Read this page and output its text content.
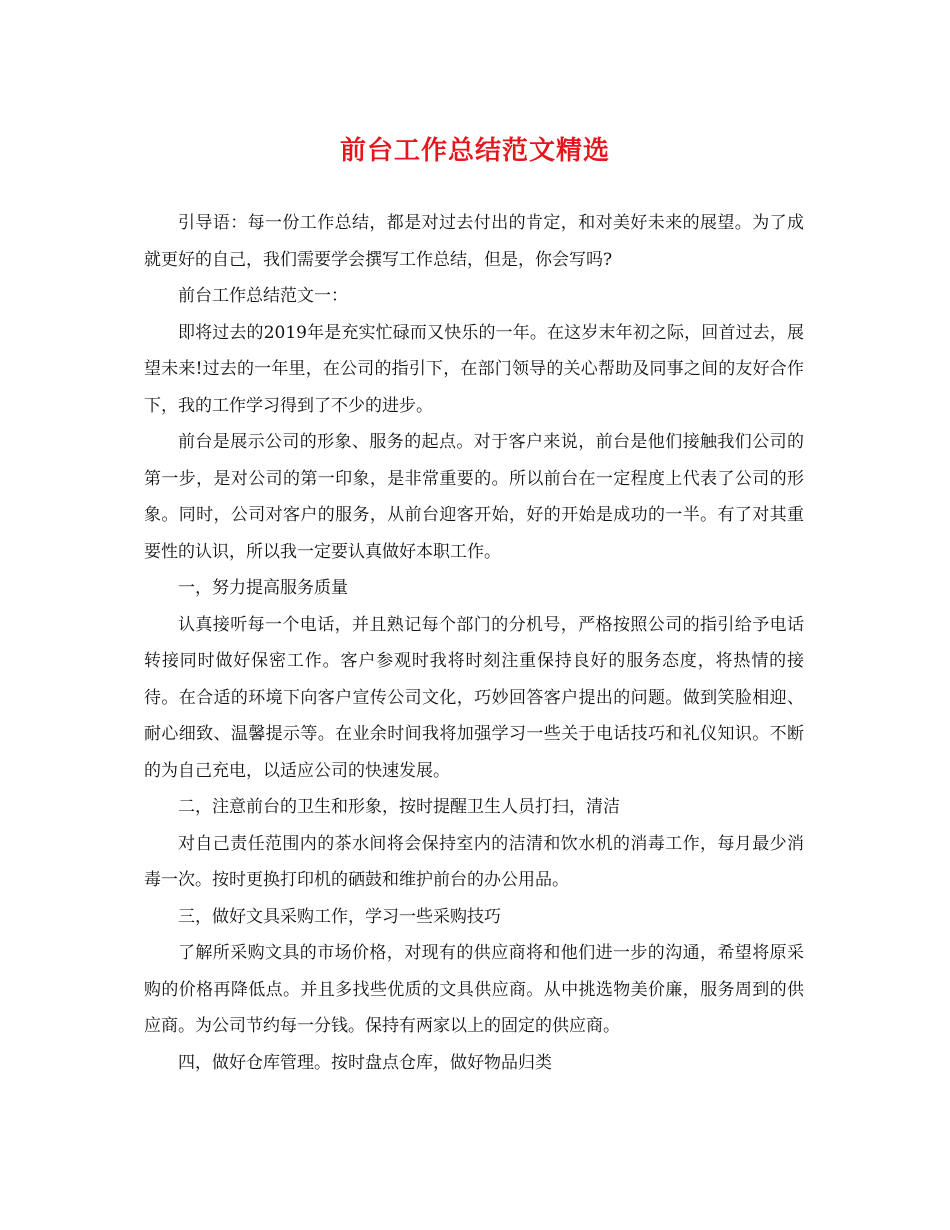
前台工作总结范文精选

引导语：每一份工作总结，都是对过去付出的肯定，和对美好未来的展望。为了成就更好的自己，我们需要学会撰写工作总结，但是，你会写吗?

前台工作总结范文一：

即将过去的2019年是充实忙碌而又快乐的一年。在这岁末年初之际，回首过去，展望未来!过去的一年里，在公司的指引下，在部门领导的关心帮助及同事之间的友好合作下，我的工作学习得到了不少的进步。

前台是展示公司的形象、服务的起点。对于客户来说，前台是他们接触我们公司的第一步，是对公司的第一印象，是非常重要的。所以前台在一定程度上代表了公司的形象。同时，公司对客户的服务，从前台迎客开始，好的开始是成功的一半。有了对其重要性的认识，所以我一定要认真做好本职工作。

一，努力提高服务质量

认真接听每一个电话，并且熟记每个部门的分机号，严格按照公司的指引给予电话转接同时做好保密工作。客户参观时我将时刻注重保持良好的服务态度，将热情的接待。在合适的环境下向客户宣传公司文化，巧妙回答客户提出的问题。做到笑脸相迎、耐心细致、温馨提示等。在业余时间我将加强学习一些关于电话技巧和礼仪知识。不断的为自己充电，以适应公司的快速发展。

二，注意前台的卫生和形象，按时提醒卫生人员打扫，清洁

对自己责任范围内的茶水间将会保持室内的洁清和饮水机的消毒工作，每月最少消毒一次。按时更换打印机的硒鼓和维护前台的办公用品。

三，做好文具采购工作，学习一些采购技巧

了解所采购文具的市场价格，对现有的供应商将和他们进一步的沟通，希望将原采购的价格再降低点。并且多找些优质的文具供应商。从中挑选物美价廉，服务周到的供应商。为公司节约每一分钱。保持有两家以上的固定的供应商。

四，做好仓库管理。按时盘点仓库，做好物品归类
